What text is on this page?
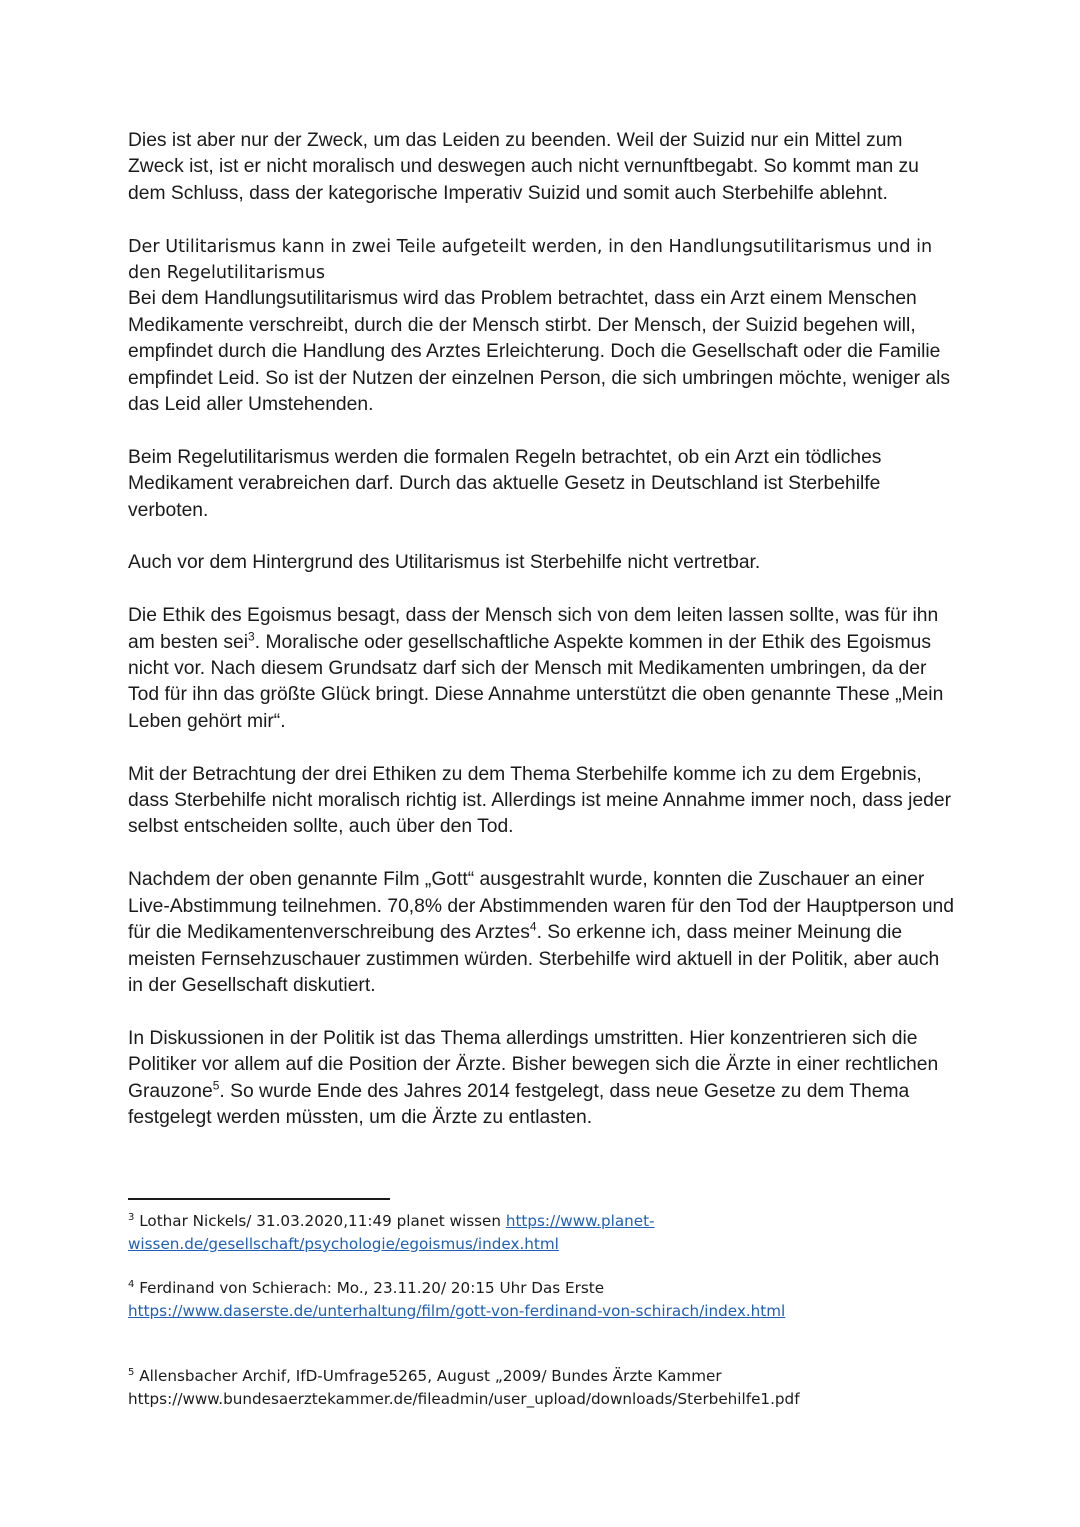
Dies ist aber nur der Zweck, um das Leiden zu beenden. Weil der Suizid nur ein Mittel zum Zweck ist, ist er nicht moralisch und deswegen auch nicht vernunftbegabt. So kommt man zu dem Schluss, dass der kategorische Imperativ Suizid und somit auch Sterbehilfe ablehnt.

Der Utilitarismus kann in zwei Teile aufgeteilt werden, in den Handlungsutilitarismus und in den Regelutilitarismus

Bei dem Handlungsutilitarismus wird das Problem betrachtet, dass ein Arzt einem Menschen Medikamente verschreibt, durch die der Mensch stirbt. Der Mensch, der Suizid begehen will, empfindet durch die Handlung des Arztes Erleichterung. Doch die Gesellschaft oder die Familie empfindet Leid. So ist der Nutzen der einzelnen Person, die sich umbringen möchte, weniger als das Leid aller Umstehenden.

Beim Regelutilitarismus werden die formalen Regeln betrachtet, ob ein Arzt ein tödliches Medikament verabreichen darf. Durch das aktuelle Gesetz in Deutschland ist Sterbehilfe verboten.

Auch vor dem Hintergrund des Utilitarismus ist Sterbehilfe nicht vertretbar.

Die Ethik des Egoismus besagt, dass der Mensch sich von dem leiten lassen sollte, was für ihn am besten sei$^3$. Moralische oder gesellschaftliche Aspekte kommen in der Ethik des Egoismus nicht vor. Nach diesem Grundsatz darf sich der Mensch mit Medikamenten umbringen, da der Tod für ihn das größte Glück bringt. Diese Annahme unterstützt die oben genannte These „Mein Leben gehört mir“.

Mit der Betrachtung der drei Ethiken zu dem Thema Sterbehilfe komme ich zu dem Ergebnis, dass Sterbehilfe nicht moralisch richtig ist. Allerdings ist meine Annahme immer noch, dass jeder selbst entscheiden sollte, auch über den Tod.

Nachdem der oben genannte Film „Gott“ ausgestrahlt wurde, konnten die Zuschauer an einer Live-Abstimmung teilnehmen. 70,8% der Abstimmenden waren für den Tod der Hauptperson und für die Medikamentenverschreibung des Arztes$^4$. So erkenne ich, dass meiner Meinung die meisten Fernsehzuschauer zustimmen würden. Sterbehilfe wird aktuell in der Politik, aber auch in der Gesellschaft diskutiert.

In Diskussionen in der Politik ist das Thema allerdings umstritten. Hier konzentrieren sich die Politiker vor allem auf die Position der Ärzte. Bisher bewegen sich die Ärzte in einer rechtlichen Grauzone$^5$. So wurde Ende des Jahres 2014 festgelegt, dass neue Gesetze zu dem Thema festgelegt werden müssten, um die Ärzte zu entlasten.

$^3$ Lothar Nickels/ 31.03.2020,11:49 planet wissen https://www.planet-wissen.de/gesellschaft/psychologie/egoismus/index.html

$^4$ Ferdinand von Schierach: Mo., 23.11.20/ 20:15 Uhr Das Erste
https://www.daserste.de/unterhaltung/film/gott-von-ferdinand-von-schirach/index.html

$^5$ Allensbacher Archif, IfD-Umfrage5265, August „2009/ Bundes Ärzte Kammer
https://www.bundesaerztekammer.de/fileadmin/user_upload/downloads/Sterbehilfe1.pdf
